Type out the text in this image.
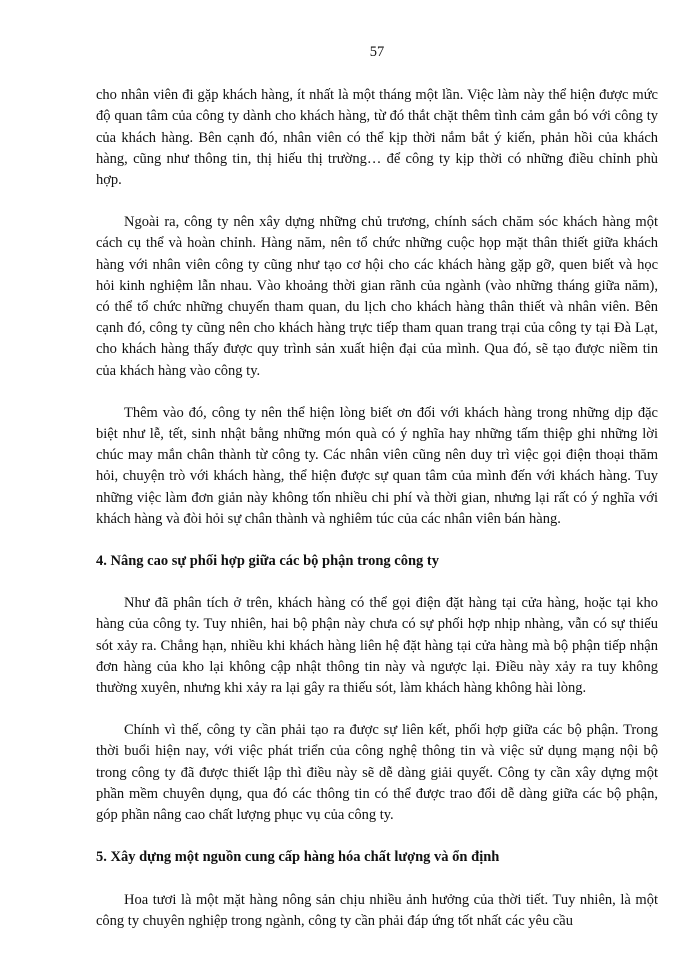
57

cho nhân viên đi gặp khách hàng, ít nhất là một tháng một lần. Việc làm này thể hiện được mức độ quan tâm của công ty dành cho khách hàng, từ đó thắt chặt thêm tình cảm gắn bó với công ty của khách hàng. Bên cạnh đó, nhân viên có thể kịp thời nắm bắt ý kiến, phản hồi của khách hàng, cũng như thông tin, thị hiếu thị trường… để công ty kịp thời có những điều chỉnh phù hợp.

Ngoài ra, công ty nên xây dựng những chủ trương, chính sách chăm sóc khách hàng một cách cụ thể và hoàn chỉnh. Hàng năm, nên tổ chức những cuộc họp mặt thân thiết giữa khách hàng với nhân viên công ty cũng như tạo cơ hội cho các khách hàng gặp gỡ, quen biết và học hỏi kinh nghiệm lẫn nhau. Vào khoảng thời gian rãnh của ngành (vào những tháng giữa năm), có thể tổ chức những chuyến tham quan, du lịch cho khách hàng thân thiết và nhân viên. Bên cạnh đó, công ty cũng nên cho khách hàng trực tiếp tham quan trang trại của công ty tại Đà Lạt, cho khách hàng thấy được quy trình sản xuất hiện đại của mình. Qua đó, sẽ tạo được niềm tin của khách hàng vào công ty.

Thêm vào đó, công ty nên thể hiện lòng biết ơn đối với khách hàng trong những dịp đặc biệt như lễ, tết, sinh nhật bằng những món quà có ý nghĩa hay những tấm thiệp ghi những lời chúc may mắn chân thành từ công ty. Các nhân viên cũng nên duy trì việc gọi điện thoại thăm hỏi, chuyện trò với khách hàng, thể hiện được sự quan tâm của mình đến với khách hàng. Tuy những việc làm đơn giản này không tốn nhiều chi phí và thời gian, nhưng lại rất có ý nghĩa với khách hàng và đòi hỏi sự chân thành và nghiêm túc của các nhân viên bán hàng.

4. Nâng cao sự phối hợp giữa các bộ phận trong công ty

Như đã phân tích ở trên, khách hàng có thể gọi điện đặt hàng tại cửa hàng, hoặc tại kho hàng của công ty. Tuy nhiên, hai bộ phận này chưa có sự phối hợp nhịp nhàng, vẫn có sự thiếu sót xảy ra. Chẳng hạn, nhiều khi khách hàng liên hệ đặt hàng tại cửa hàng mà bộ phận tiếp nhận đơn hàng của kho lại không cập nhật thông tin này và ngược lại. Điều này xảy ra tuy không thường xuyên, nhưng khi xảy ra lại gây ra thiếu sót, làm khách hàng không hài lòng.

Chính vì thế, công ty cần phải tạo ra được sự liên kết, phối hợp giữa các bộ phận. Trong thời buổi hiện nay, với việc phát triển của công nghệ thông tin và việc sử dụng mạng nội bộ trong công ty đã được thiết lập thì điều này sẽ dễ dàng giải quyết. Công ty cần xây dựng một phần mềm chuyên dụng, qua đó các thông tin có thể được trao đổi dễ dàng giữa các bộ phận, góp phần nâng cao chất lượng phục vụ của công ty.

5. Xây dựng một nguồn cung cấp hàng hóa chất lượng và ổn định

Hoa tươi là một mặt hàng nông sản chịu nhiều ảnh hưởng của thời tiết. Tuy nhiên, là một công ty chuyên nghiệp trong ngành, công ty cần phải đáp ứng tốt nhất các yêu cầu
